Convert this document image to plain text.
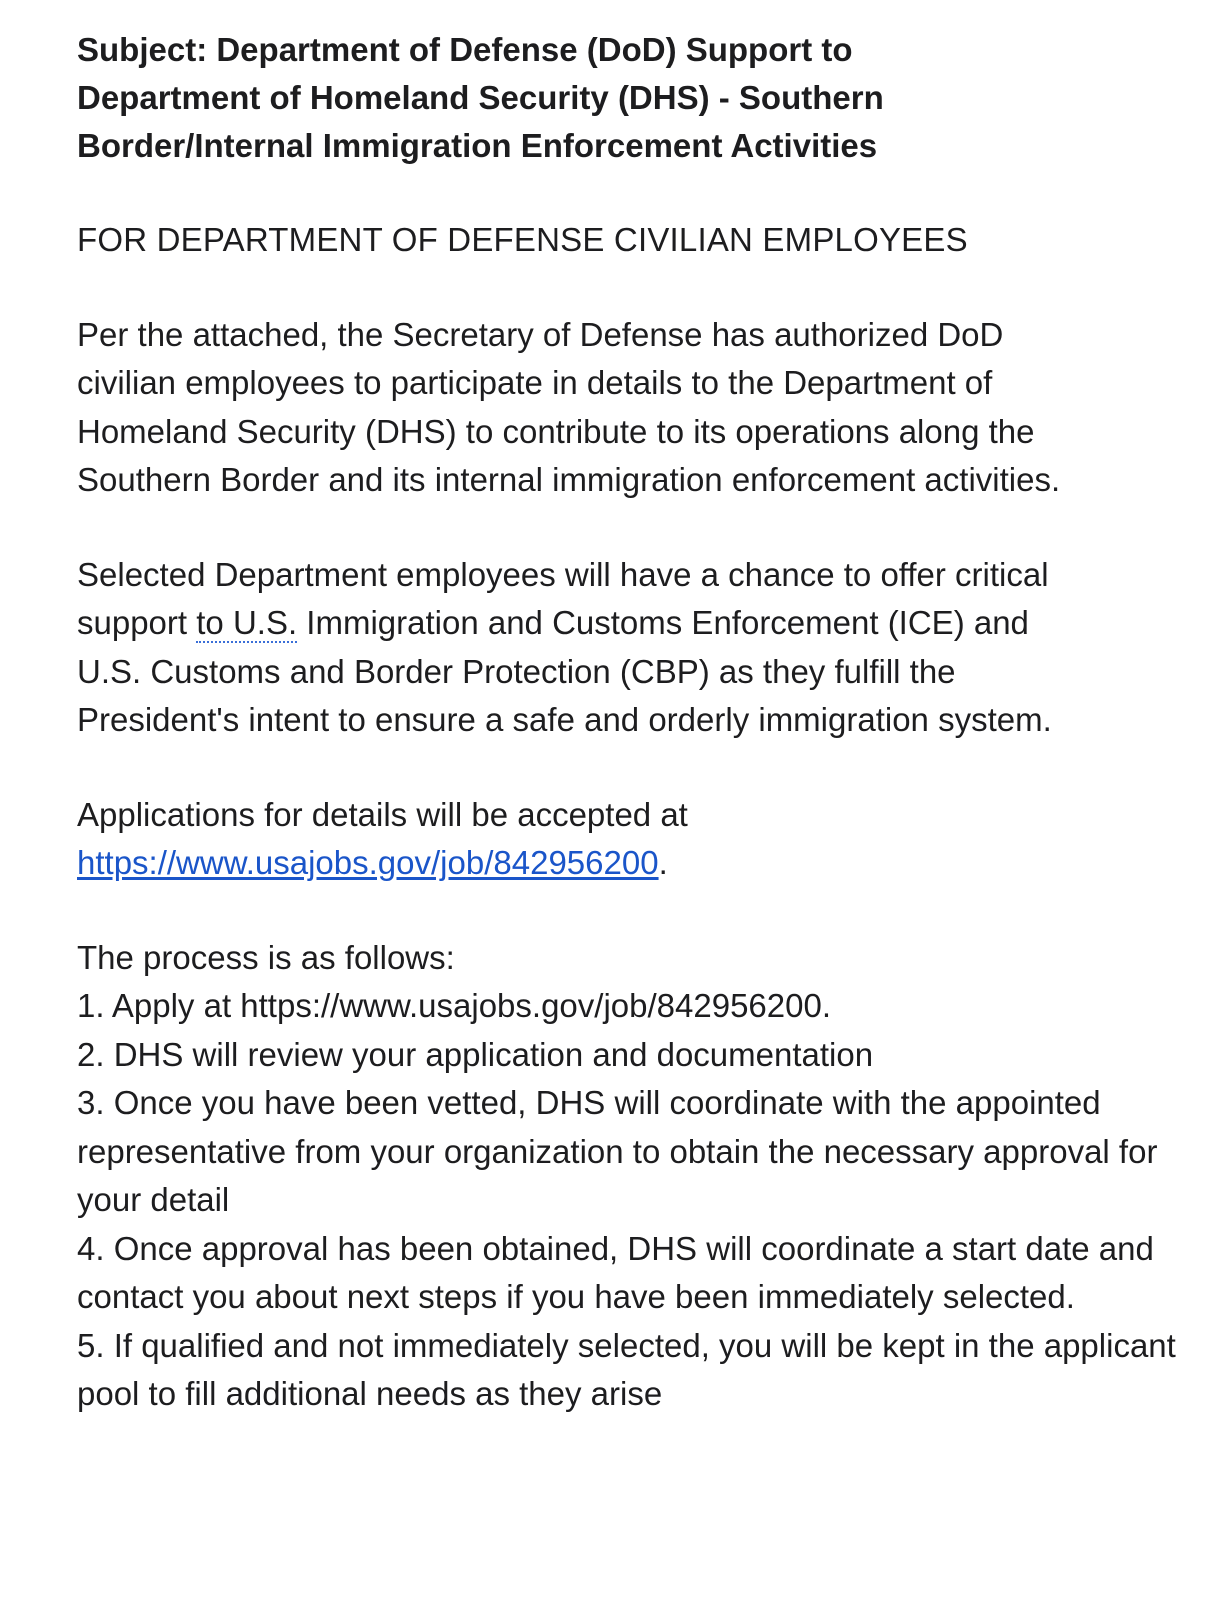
Subject: Department of Defense (DoD) Support to Department of Homeland Security (DHS) - Southern Border/Internal Immigration Enforcement Activities

FOR DEPARTMENT OF DEFENSE CIVILIAN EMPLOYEES

Per the attached, the Secretary of Defense has authorized DoD civilian employees to participate in details to the Department of Homeland Security (DHS) to contribute to its operations along the Southern Border and its internal immigration enforcement activities.

Selected Department employees will have a chance to offer critical support to U.S. Immigration and Customs Enforcement (ICE) and U.S. Customs and Border Protection (CBP) as they fulfill the President's intent to ensure a safe and orderly immigration system.

Applications for details will be accepted at https://www.usajobs.gov/job/842956200.

The process is as follows:

1. Apply at https://www.usajobs.gov/job/842956200.
2. DHS will review your application and documentation
3. Once you have been vetted, DHS will coordinate with the appointed representative from your organization to obtain the necessary approval for your detail
4. Once approval has been obtained, DHS will coordinate a start date and contact you about next steps if you have been immediately selected.
5. If qualified and not immediately selected, you will be kept in the applicant pool to fill additional needs as they arise
